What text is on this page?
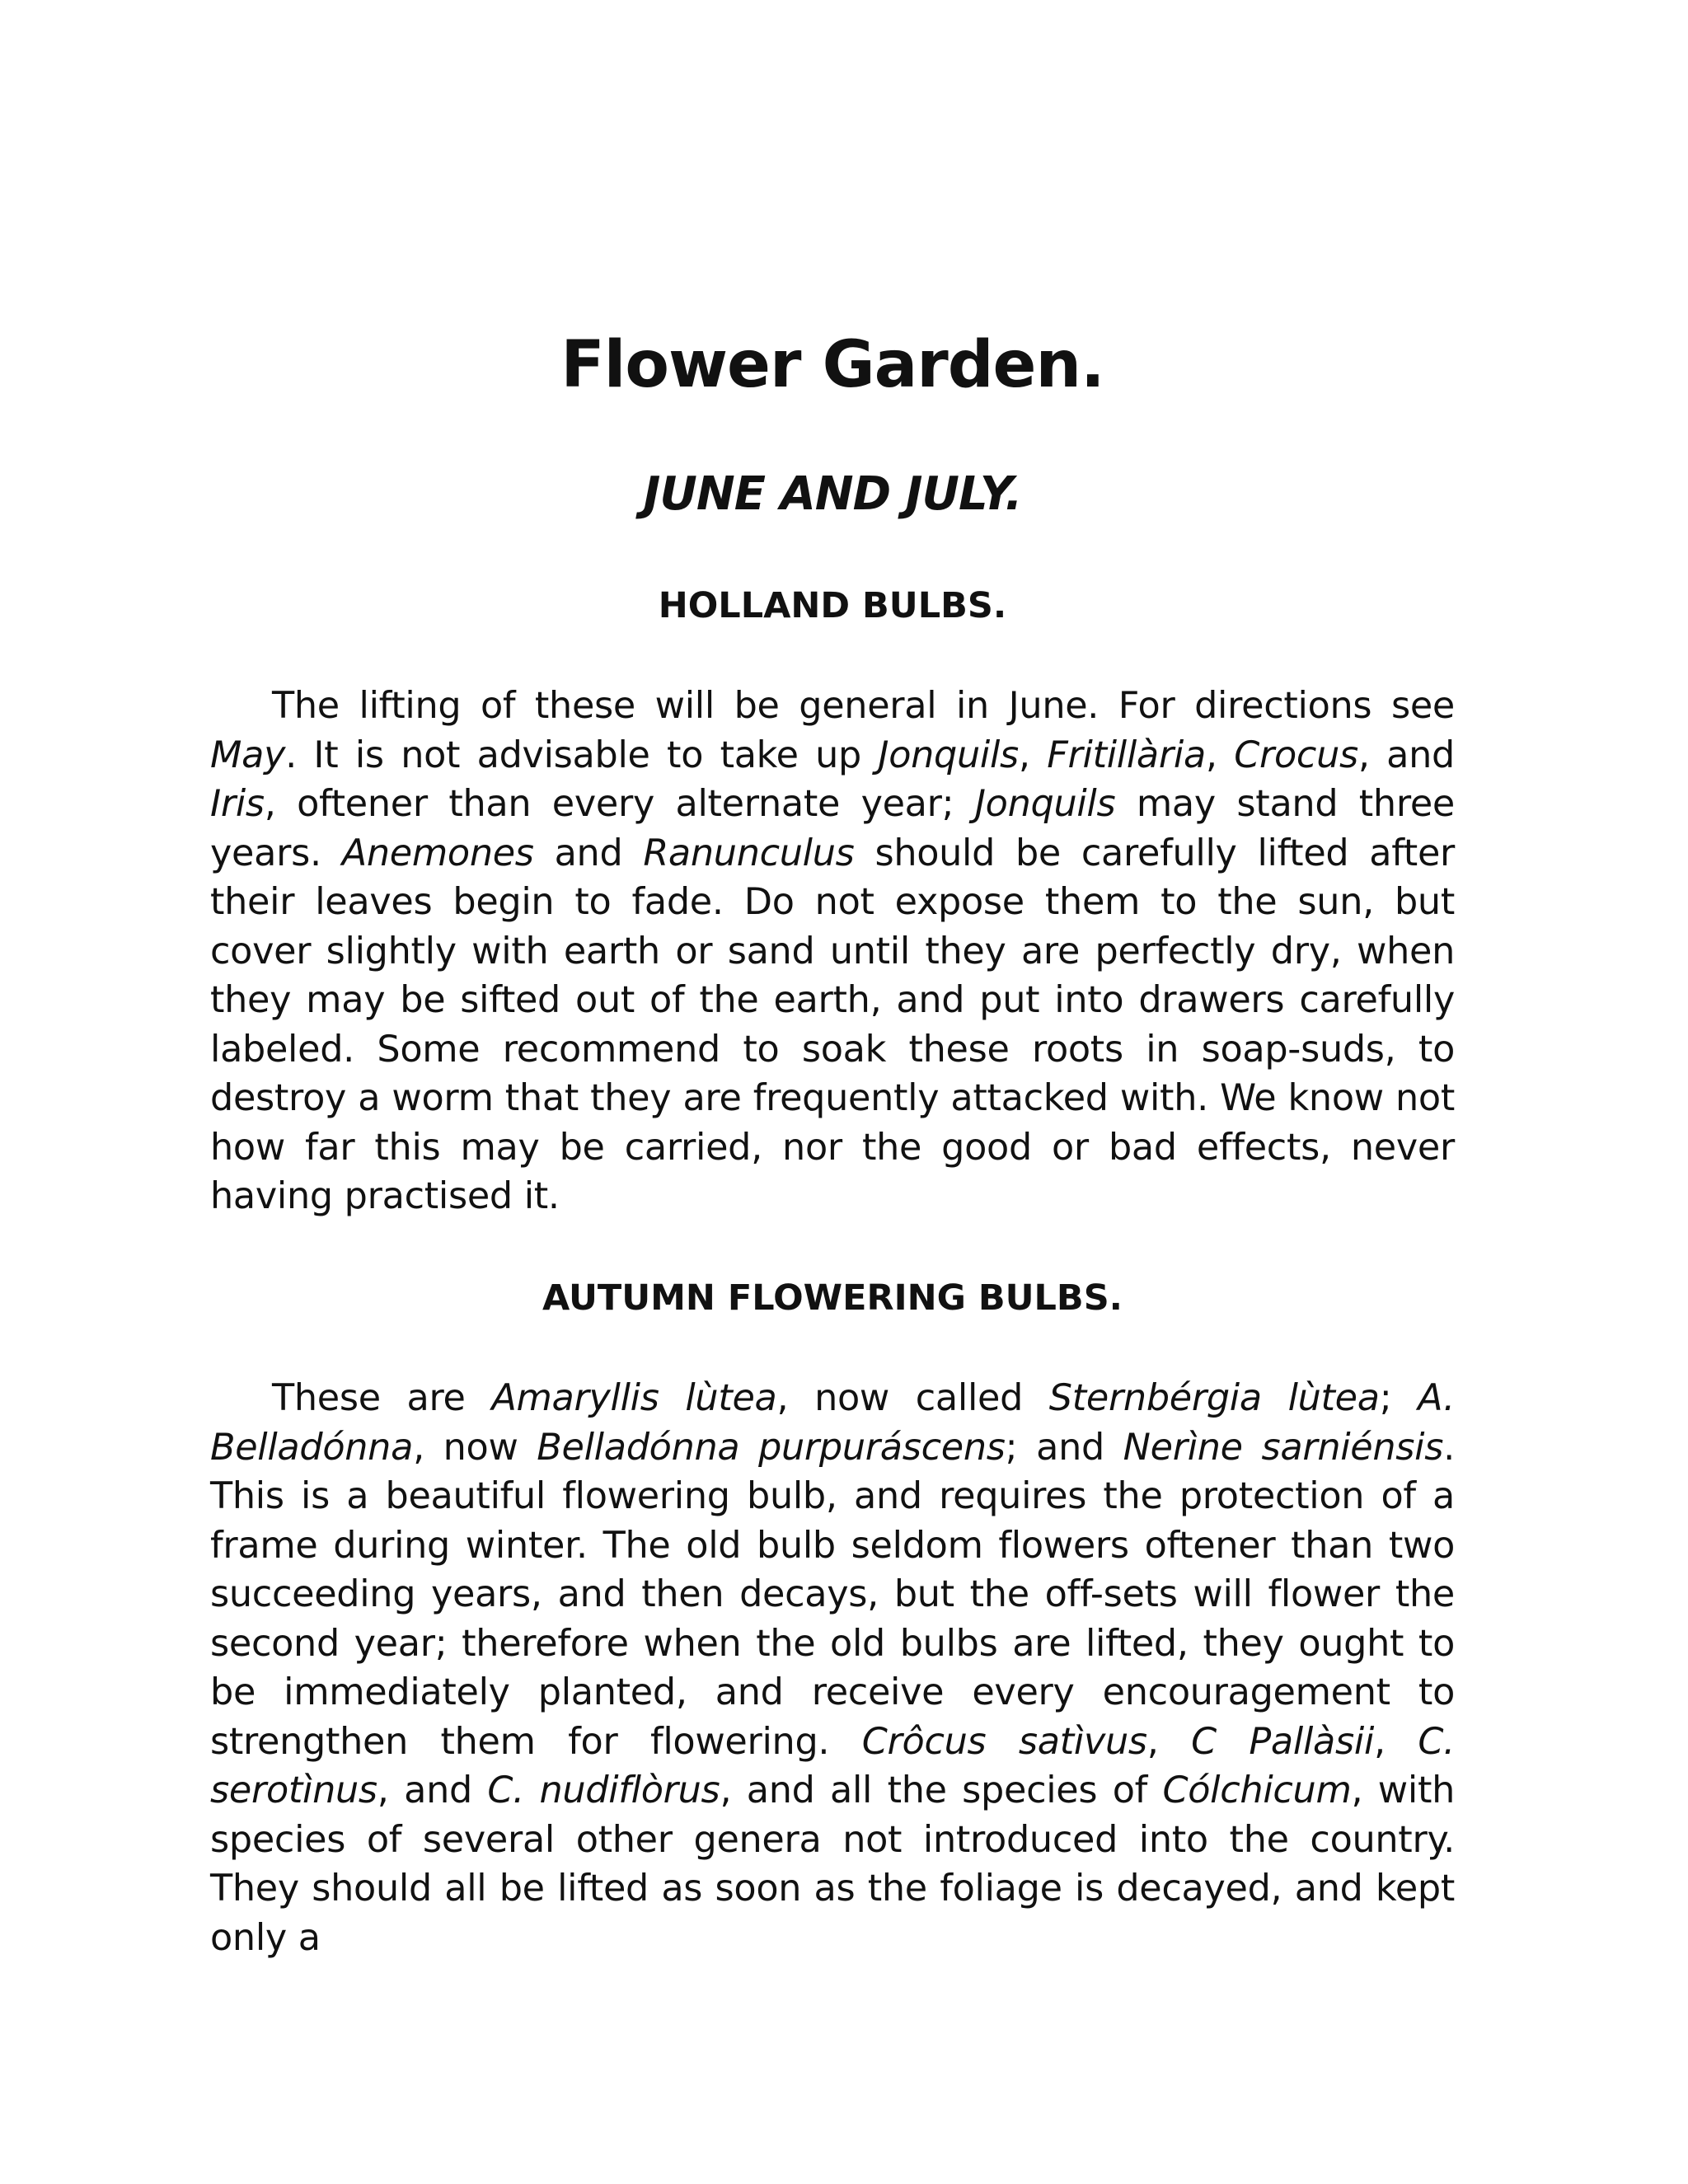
Flower Garden.
JUNE AND JULY.
HOLLAND BULBS.

The lifting of these will be general in June. For directions see May. It is not advisable to take up Jonquils, Fritillària, Crocus, and Iris, oftener than every alternate year; Jonquils may stand three years. Anemones and Ranunculus should be carefully lifted after their leaves begin to fade. Do not expose them to the sun, but cover slightly with earth or sand until they are perfectly dry, when they may be sifted out of the earth, and put into drawers carefully labeled. Some recommend to soak these roots in soap-suds, to destroy a worm that they are frequently attacked with. We know not how far this may be carried, nor the good or bad effects, never having practised it.

AUTUMN FLOWERING BULBS.

These are Amaryllis lùtea, now called Sternbérgia lùtea; A. Belladónna, now Belladónna purpuráscens; and Nerìne sarniénsis. This is a beautiful flowering bulb, and requires the protection of a frame during winter. The old bulb seldom flowers oftener than two succeeding years, and then decays, but the off-sets will flower the second year; therefore when the old bulbs are lifted, they ought to be immediately planted, and receive every encouragement to strengthen them for flowering. Crôcus satìvus, C Pallàsii, C. serotìnus, and C. nudiflòrus, and all the species of Cólchicum, with species of several other genera not introduced into the country. They should all be lifted as soon as the foliage is decayed, and kept only a
